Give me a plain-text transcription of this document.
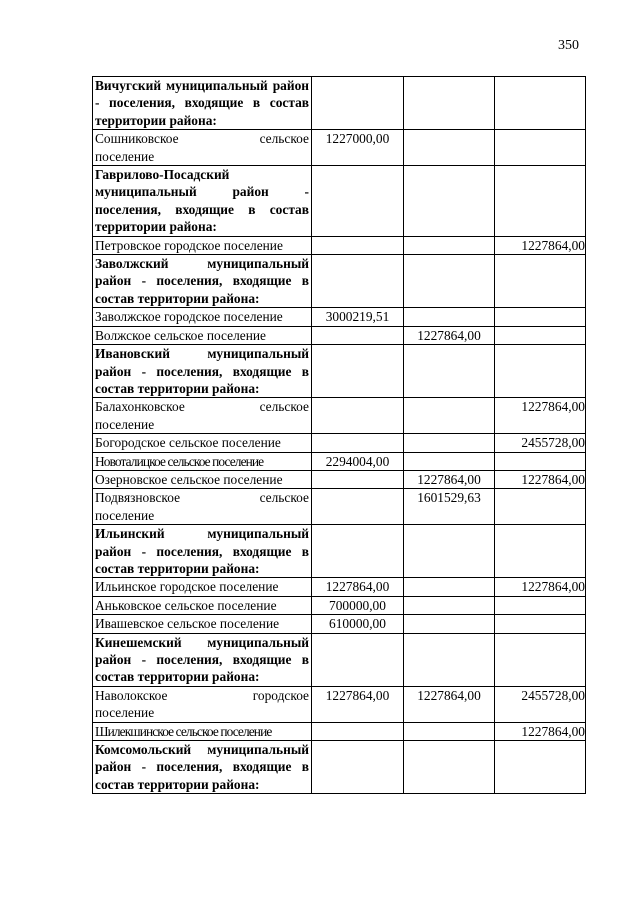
350
Вичугский муниципальный район - поселения, входящие в состав территории района:			

Сошниковское сельское
поселение	1227000,00		
Гаврилово-Посадский муниципальный район - поселения, входящие в состав территории района:			
Петровское городское поселение			1227864,00
Заволжский муниципальный район - поселения, входящие в состав территории района:			
Заволжское городское поселение	3000219,51		
Волжское сельское поселение		1227864,00	
Ивановский муниципальный район - поселения, входящие в состав территории района:			

Балахонковское сельское
поселение			1227864,00
Богородское сельское поселение			2455728,00
Новоталицкое сельское поселение	2294004,00		
Озерновское сельское поселение		1227864,00	1227864,00

Подвязновское сельское
поселение		1601529,63	
Ильинский муниципальный район - поселения, входящие в состав территории района:			
Ильинское городское поселение	1227864,00		1227864,00
Аньковское сельское поселение	700000,00		
Ивашевское сельское поселение	610000,00		
Кинешемский муниципальный район - поселения, входящие в состав территории района:			

Наволокское городское
поселение	1227864,00	1227864,00	2455728,00
Шилекшинское сельское поселение			1227864,00
Комсомольский муниципальный район - поселения, входящие в состав территории района:			
